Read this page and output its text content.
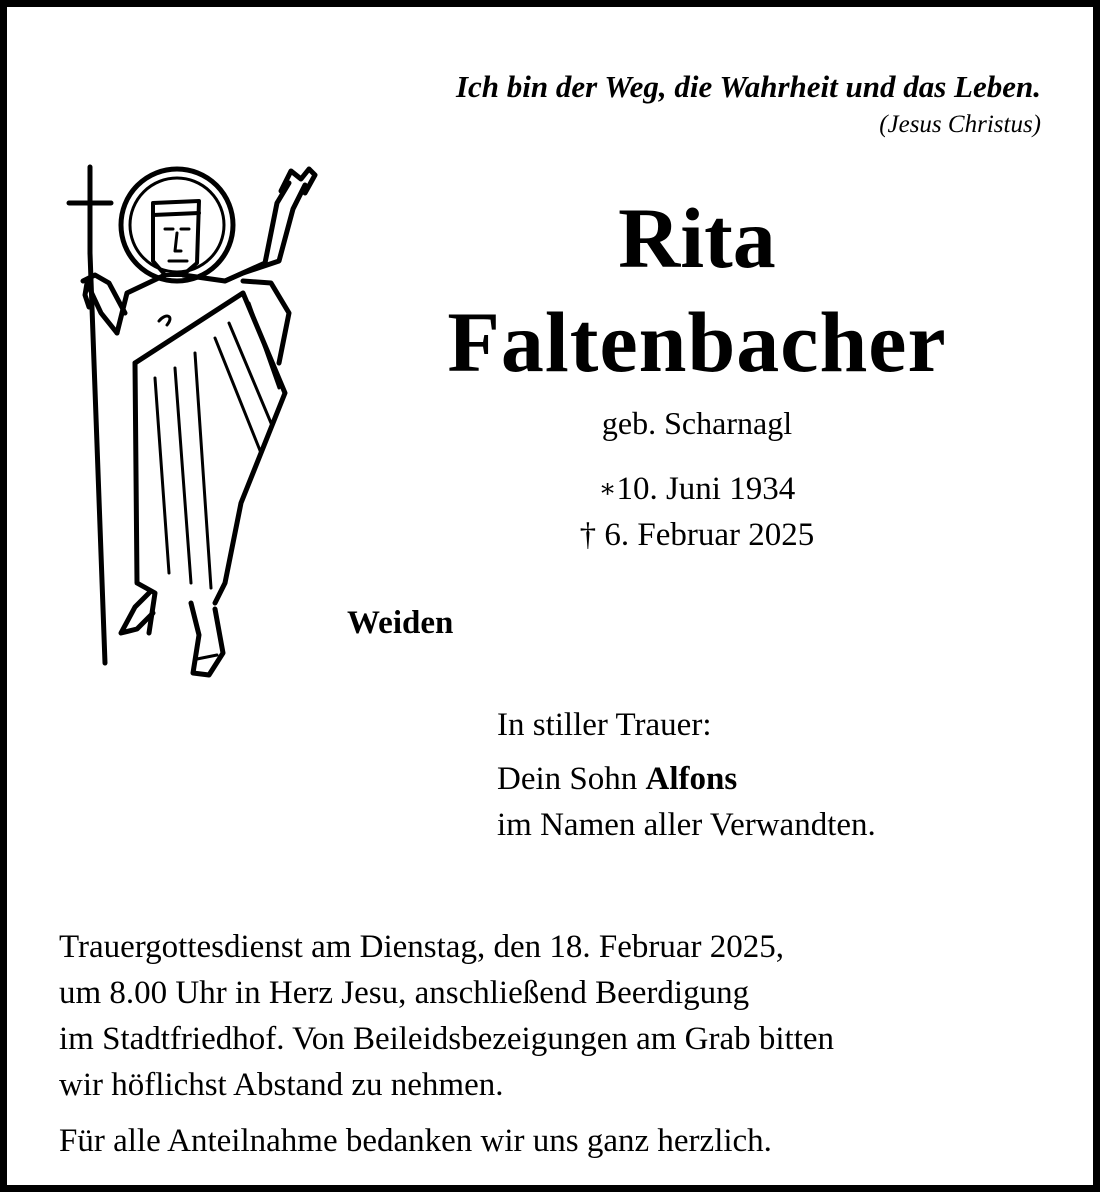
Ich bin der Weg, die Wahrheit und das Leben.
(Jesus Christus)
Rita
Faltenbacher
geb. Scharnagl
∗10. Juni 1934
† 6. Februar 2025
Weiden
In stiller Trauer:
Dein Sohn Alfons
im Namen aller Verwandten.
Trauergottesdienst am Dienstag, den 18. Februar 2025,
um 8.00 Uhr in Herz Jesu, anschließend Beerdigung
im Stadtfriedhof. Von Beileidsbezeigungen am Grab bitten
wir höflichst Abstand zu nehmen.
Für alle Anteilnahme bedanken wir uns ganz herzlich.
